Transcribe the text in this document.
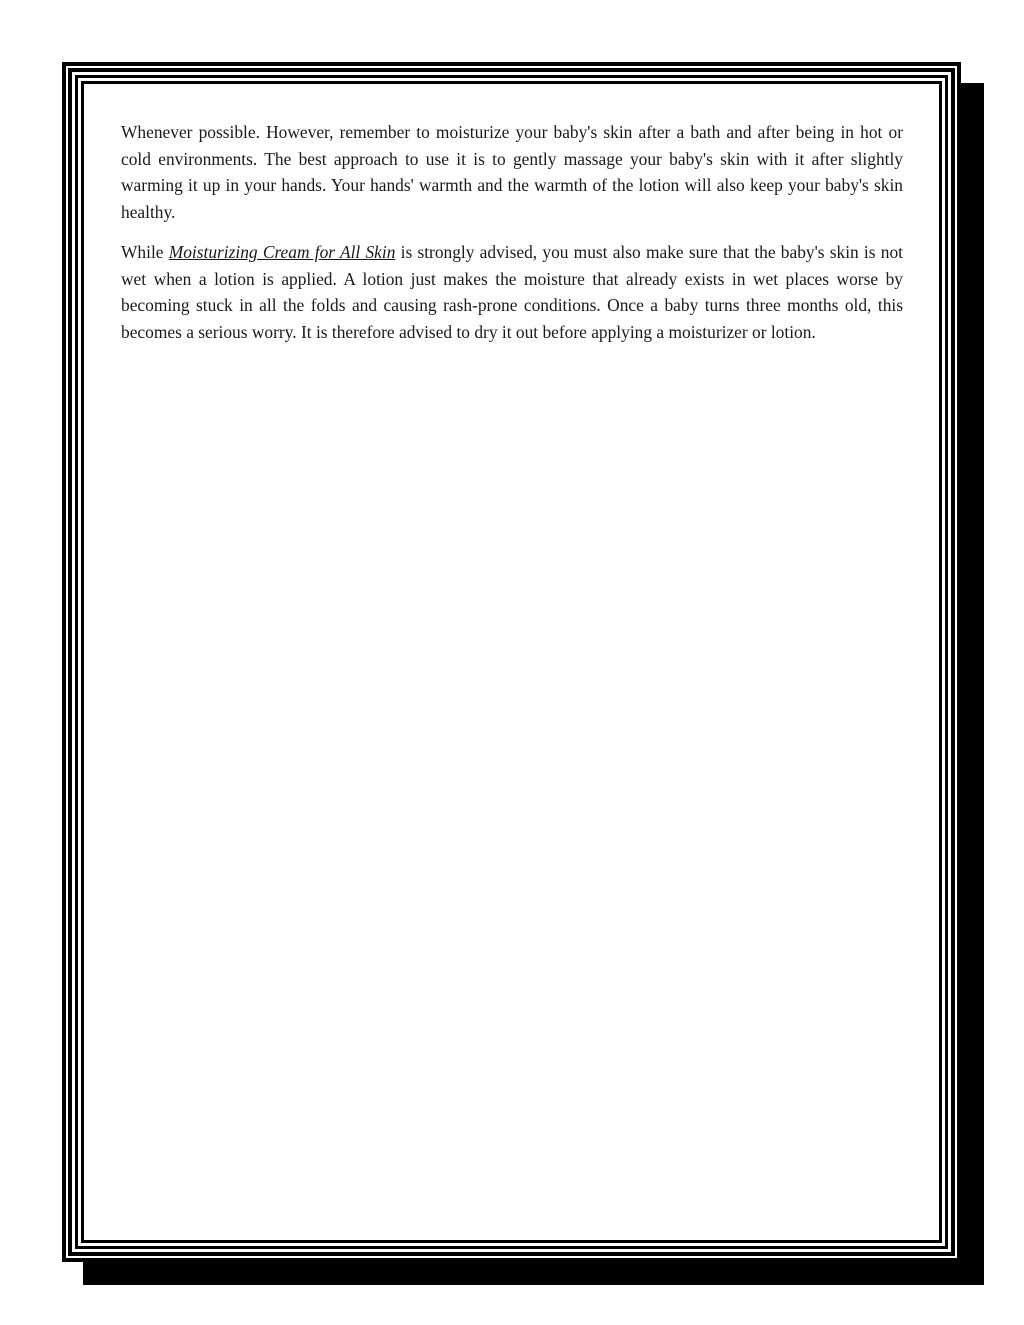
Whenever possible. However, remember to moisturize your baby's skin after a bath and after being in hot or cold environments. The best approach to use it is to gently massage your baby's skin with it after slightly warming it up in your hands. Your hands' warmth and the warmth of the lotion will also keep your baby's skin healthy.

While Moisturizing Cream for All Skin is strongly advised, you must also make sure that the baby's skin is not wet when a lotion is applied. A lotion just makes the moisture that already exists in wet places worse by becoming stuck in all the folds and causing rash-prone conditions. Once a baby turns three months old, this becomes a serious worry. It is therefore advised to dry it out before applying a moisturizer or lotion.
